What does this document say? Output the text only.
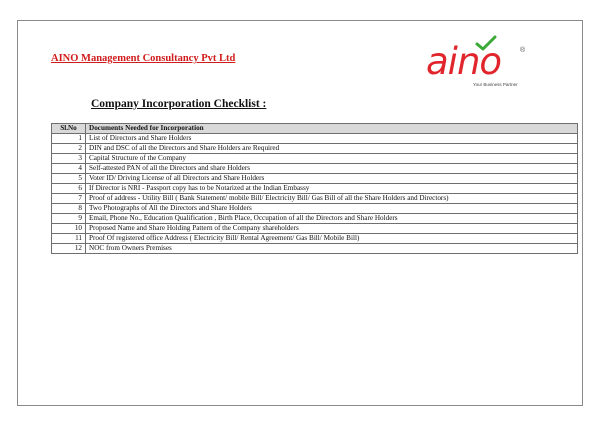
AINO Management Consultancy Pvt Ltd	aino	®
Your Business Partner
Company Incorporation Checklist :
Sl.No	Documents Needed for Incorporation
1	List of Directors and Share Holders
2	DIN and DSC of all the Directors and Share Holders are Required
3	Capital Structure of the Company
4	Self-attested PAN of all the Directors and share Holders
5	Voter ID/ Driving License of all Directors and Share Holders
6	If Director is NRI - Passport copy has to be Notarized at the Indian Embassy
7	Proof of address - Utility Bill ( Bank Statement/ mobile Bill/ Electricity Bill/ Gas Bill of all the Share Holders and Directors)
8	Two Photographs of All the Directors and Share Holders
9	Email, Phone No., Education Qualification , Birth Place, Occupation of all the Directors and Share Holders
10	Proposed Name and Share Holding Pattern of the Company shareholders
11	Proof Of registered office Address ( Electricity Bill/ Rental Agreement/ Gas Bill/ Mobile Bill)
12	NOC from Owners Premises
